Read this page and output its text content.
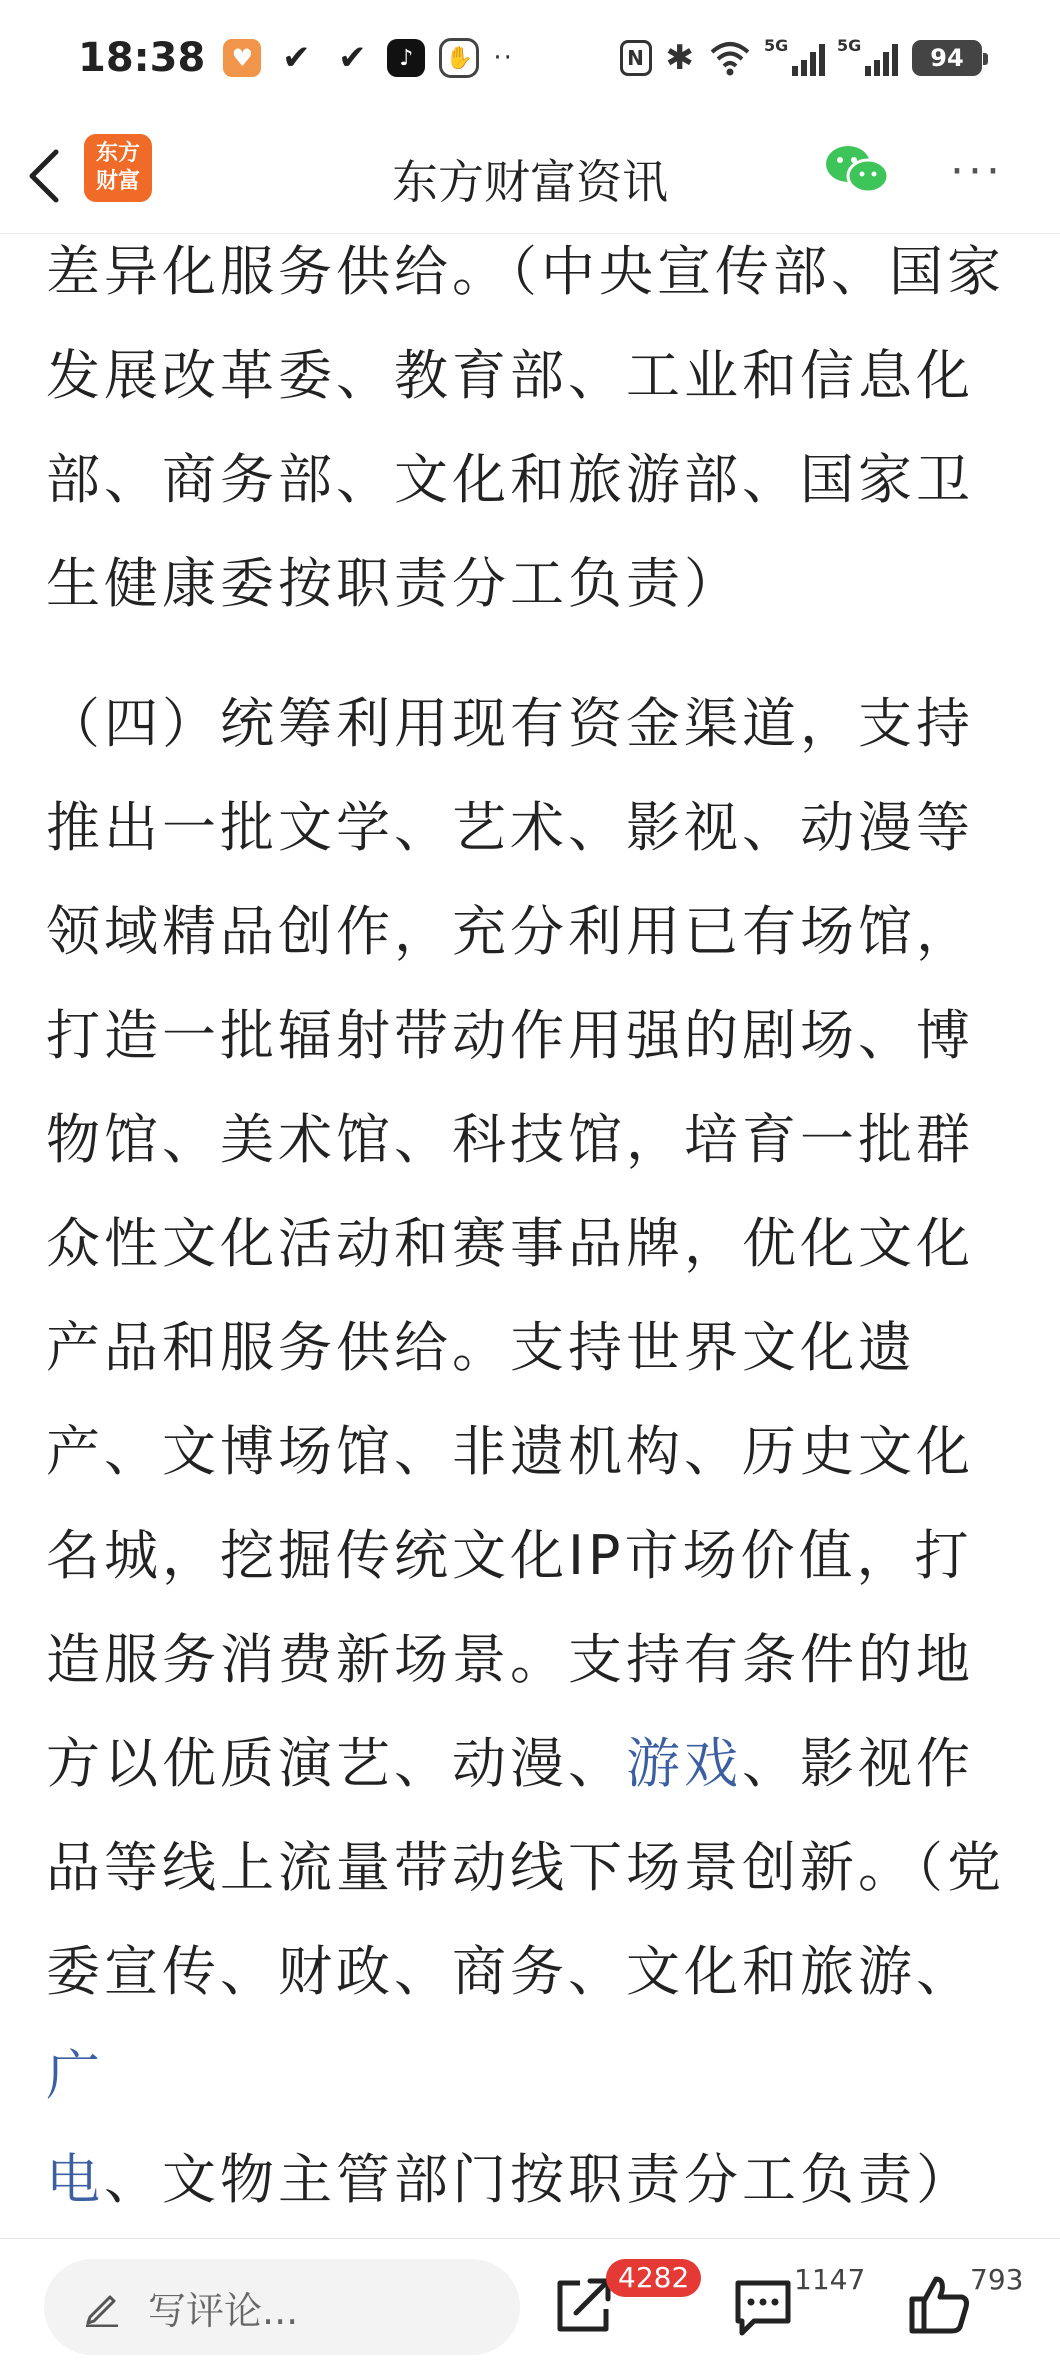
18:38	♥ ✔ ✔	♪	✋ ··	N ✱	5G	5G	94
东方
财富	东方财富资讯	···

差异化服务供给。（中央宣传部、国家发展改革委、教育部、工业和信息化部、商务部、文化和旅游部、国家卫生健康委按职责分工负责）

（四）统筹利用现有资金渠道，支持推出一批文学、艺术、影视、动漫等领域精品创作，充分利用已有场馆，打造一批辐射带动作用强的剧场、博物馆、美术馆、科技馆，培育一批群众性文化活动和赛事品牌，优化文化产品和服务供给。支持世界文化遗产、文博场馆、非遗机构、历史文化名城，挖掘传统文化IP市场价值，打造服务消费新场景。支持有条件的地方以优质演艺、动漫、游戏、影视作品等线上流量带动线下场景创新。（党委宣传、财政、商务、文化和旅游、广电、文物主管部门按职责分工负责）

写评论...
4282	1147	793
